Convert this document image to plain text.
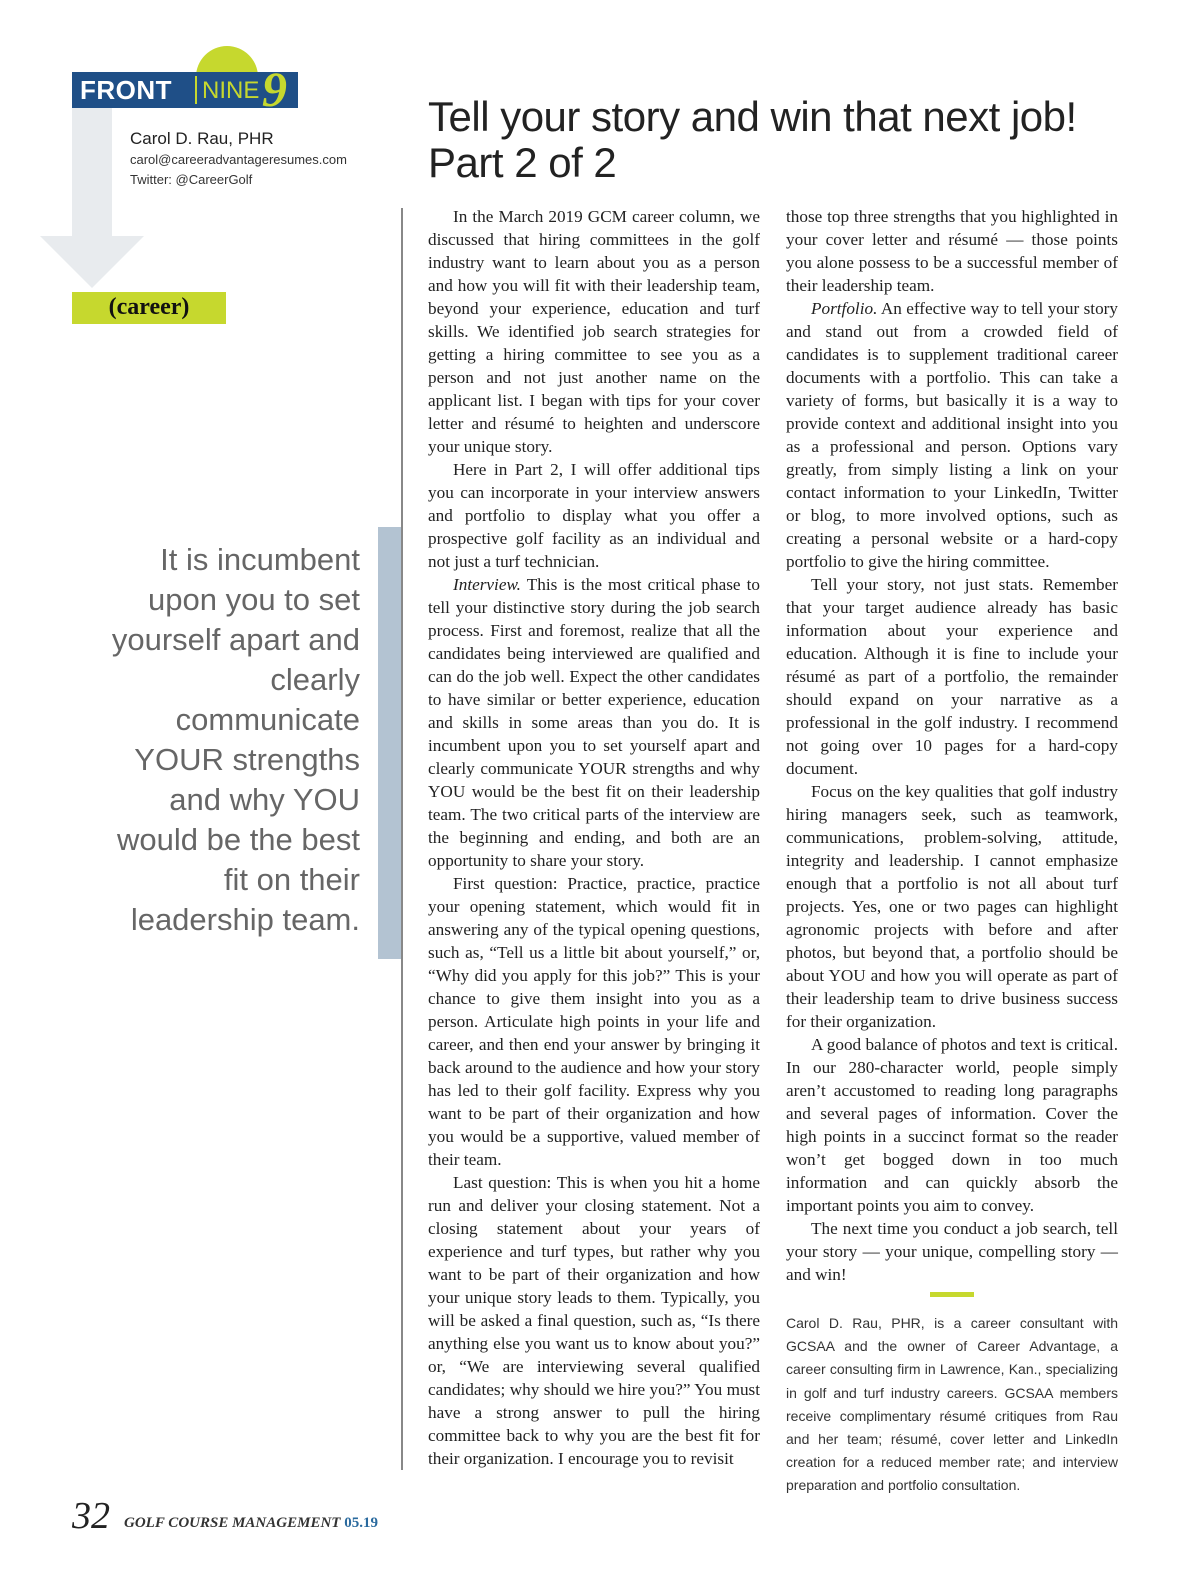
FRONT NINE 9
Carol D. Rau, PHR
carol@careeradvantageresumes.com
Twitter: @CareerGolf
(career)
It is incumbent upon you to set yourself apart and clearly communicate YOUR strengths and why YOU would be the best fit on their leadership team.
Tell your story and win that next job!
Part 2 of 2

In the March 2019 GCM career column, we discussed that hiring committees in the golf industry want to learn about you as a person and how you will fit with their leadership team, beyond your experience, education and turf skills. We identified job search strategies for getting a hiring committee to see you as a person and not just another name on the applicant list. I began with tips for your cover letter and résumé to heighten and underscore your unique story.

Here in Part 2, I will offer additional tips you can incorporate in your interview answers and portfolio to display what you offer a prospective golf facility as an individual and not just a turf technician.

Interview. This is the most critical phase to tell your distinctive story during the job search process. First and foremost, realize that all the candidates being interviewed are qualified and can do the job well. Expect the other candidates to have similar or better experience, education and skills in some areas than you do. It is incumbent upon you to set yourself apart and clearly communicate YOUR strengths and why YOU would be the best fit on their leadership team. The two critical parts of the interview are the beginning and ending, and both are an opportunity to share your story.

First question: Practice, practice, practice your opening statement, which would fit in answering any of the typical opening questions, such as, “Tell us a little bit about yourself,” or, “Why did you apply for this job?” This is your chance to give them insight into you as a person. Articulate high points in your life and career, and then end your answer by bringing it back around to the audience and how your story has led to their golf facility. Express why you want to be part of their organization and how you would be a supportive, valued member of their team.

Last question: This is when you hit a home run and deliver your closing statement. Not a closing statement about your years of experience and turf types, but rather why you want to be part of their organization and how your unique story leads to them. Typically, you will be asked a final question, such as, “Is there anything else you want us to know about you?” or, “We are interviewing several qualified candidates; why should we hire you?” You must have a strong answer to pull the hiring committee back to why you are the best fit for their organization. I encourage you to revisit

those top three strengths that you highlighted in your cover letter and résumé — those points you alone possess to be a successful member of their leadership team.

Portfolio. An effective way to tell your story and stand out from a crowded field of candidates is to supplement traditional career documents with a portfolio. This can take a variety of forms, but basically it is a way to provide context and additional insight into you as a professional and person. Options vary greatly, from simply listing a link on your contact information to your LinkedIn, Twitter or blog, to more involved options, such as creating a personal website or a hard-copy portfolio to give the hiring committee.

Tell your story, not just stats. Remember that your target audience already has basic information about your experience and education. Although it is fine to include your résumé as part of a portfolio, the remainder should expand on your narrative as a professional in the golf industry. I recommend not going over 10 pages for a hard-copy document.

Focus on the key qualities that golf industry hiring managers seek, such as teamwork, communications, problem-solving, attitude, integrity and leadership. I cannot emphasize enough that a portfolio is not all about turf projects. Yes, one or two pages can highlight agronomic projects with before and after photos, but beyond that, a portfolio should be about YOU and how you will operate as part of their leadership team to drive business success for their organization.

A good balance of photos and text is critical. In our 280-character world, people simply aren’t accustomed to reading long paragraphs and several pages of information. Cover the high points in a succinct format so the reader won’t get bogged down in too much information and can quickly absorb the important points you aim to convey.

The next time you conduct a job search, tell your story — your unique, compelling story — and win!

Carol D. Rau, PHR, is a career consultant with GCSAA and the owner of Career Advantage, a career consulting firm in Lawrence, Kan., specializing in golf and turf industry careers. GCSAA members receive complimentary résumé critiques from Rau and her team; résumé, cover letter and LinkedIn creation for a reduced member rate; and interview preparation and portfolio consultation.
32 GOLF COURSE MANAGEMENT 05.19
